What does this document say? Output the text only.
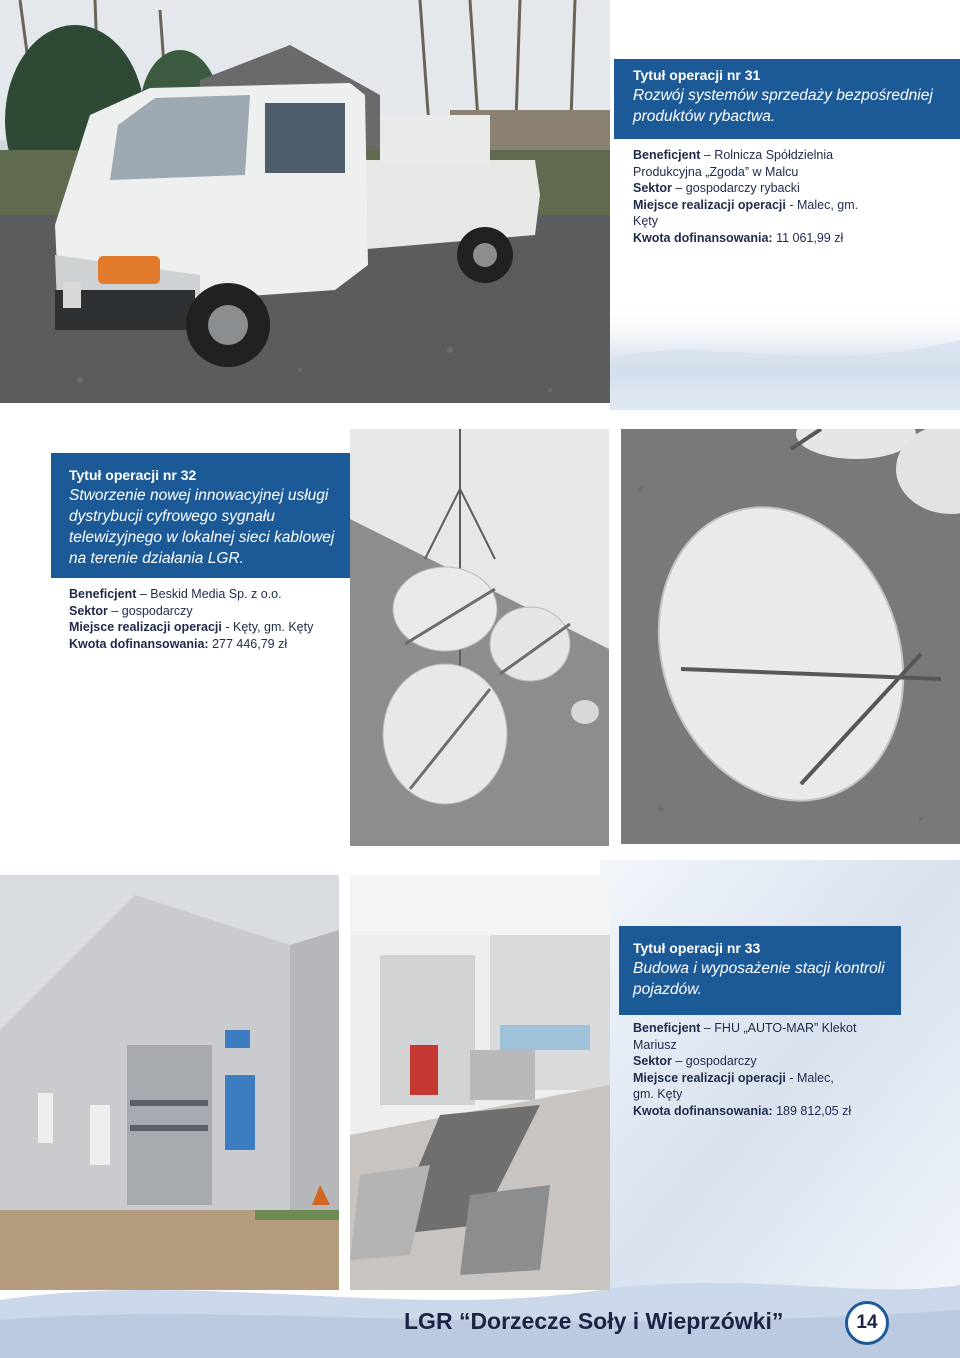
Tytuł operacji nr 31
Rozwój systemów sprzedaży bezpośredniej produktów rybactwa.
Beneficjent – Rolnicza Spółdzielnia Produkcyjna „Zgoda” w Malcu
Sektor – gospodarczy rybacki
Miejsce realizacji operacji - Malec, gm. Kęty
Kwota dofinansowania: 11 061,99 zł
Tytuł operacji nr 32
Stworzenie nowej innowacyjnej usługi dystrybucji cyfrowego sygnału telewizyjnego w lokalnej sieci kablowej na terenie działania LGR.
Beneficjent – Beskid Media Sp. z o.o.
Sektor – gospodarczy
Miejsce realizacji operacji - Kęty, gm. Kęty
Kwota dofinansowania: 277 446,79 zł
Tytuł operacji nr 33
Budowa i wyposażenie stacji kontroli pojazdów.
Beneficjent – FHU „AUTO-MAR” Klekot Mariusz
Sektor – gospodarczy
Miejsce realizacji operacji - Malec, gm. Kęty
Kwota dofinansowania: 189 812,05 zł
LGR “Dorzecze Soły i Wieprzówki”	14
